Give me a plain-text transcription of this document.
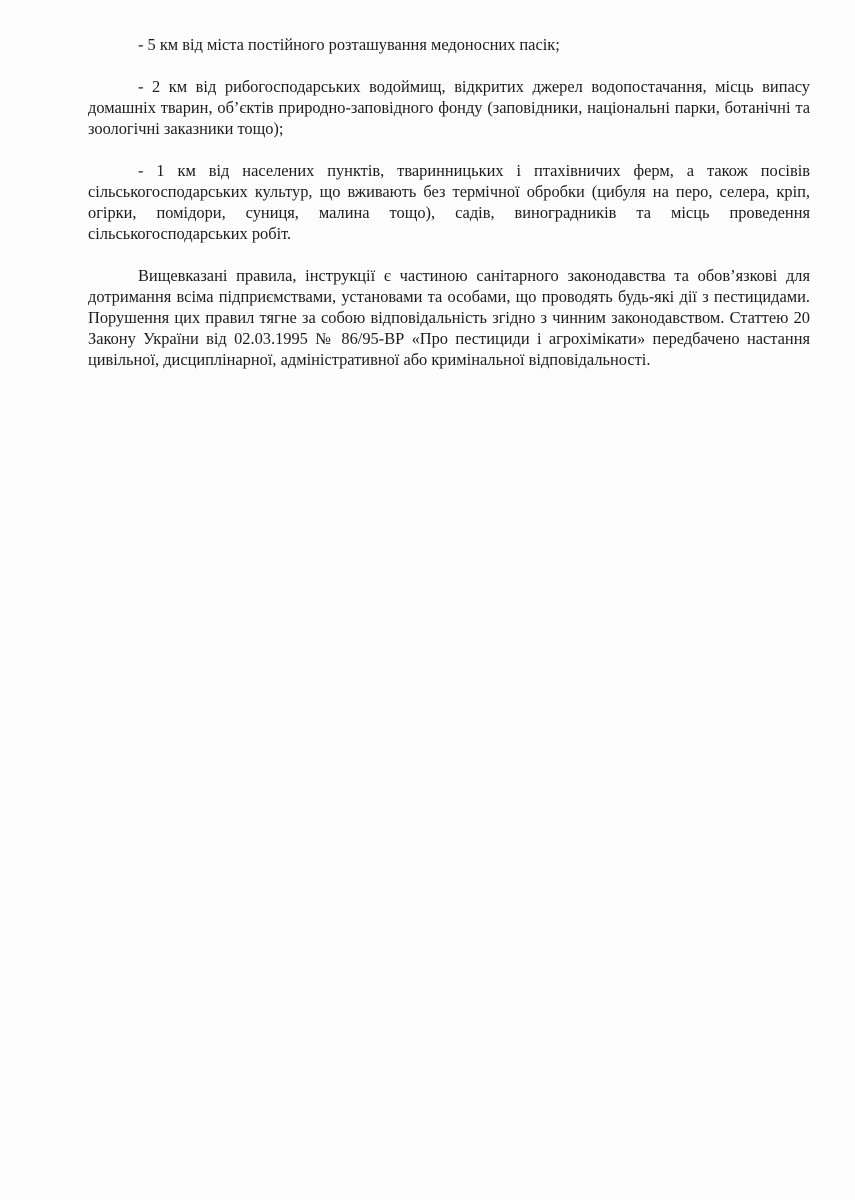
- 5 км від міста постійного розташування медоносних пасік;

- 2 км від рибогосподарських водоймищ, відкритих джерел водопостачання, місць випасу домашніх тварин, об’єктів природно-заповідного фонду (заповідники, національні парки, ботанічні та зоологічні заказники тощо);

- 1 км від населених пунктів, тваринницьких і птахівничих ферм, а також посівів сільськогосподарських культур, що вживають без термічної обробки (цибуля на перо, селера, кріп, огірки, помідори, суниця, малина тощо), садів, виноградників та місць проведення сільськогосподарських робіт.

Вищевказані правила, інструкції є частиною санітарного законодавства та обов’язкові для дотримання всіма підприємствами, установами та особами, що проводять будь-які дії з пестицидами. Порушення цих правил тягне за собою відповідальність згідно з чинним законодавством. Статтею 20 Закону України від 02.03.1995 № 86/95-ВР «Про пестициди і агрохімікати» передбачено настання цивільної, дисциплінарної, адміністративної або кримінальної відповідальності.
